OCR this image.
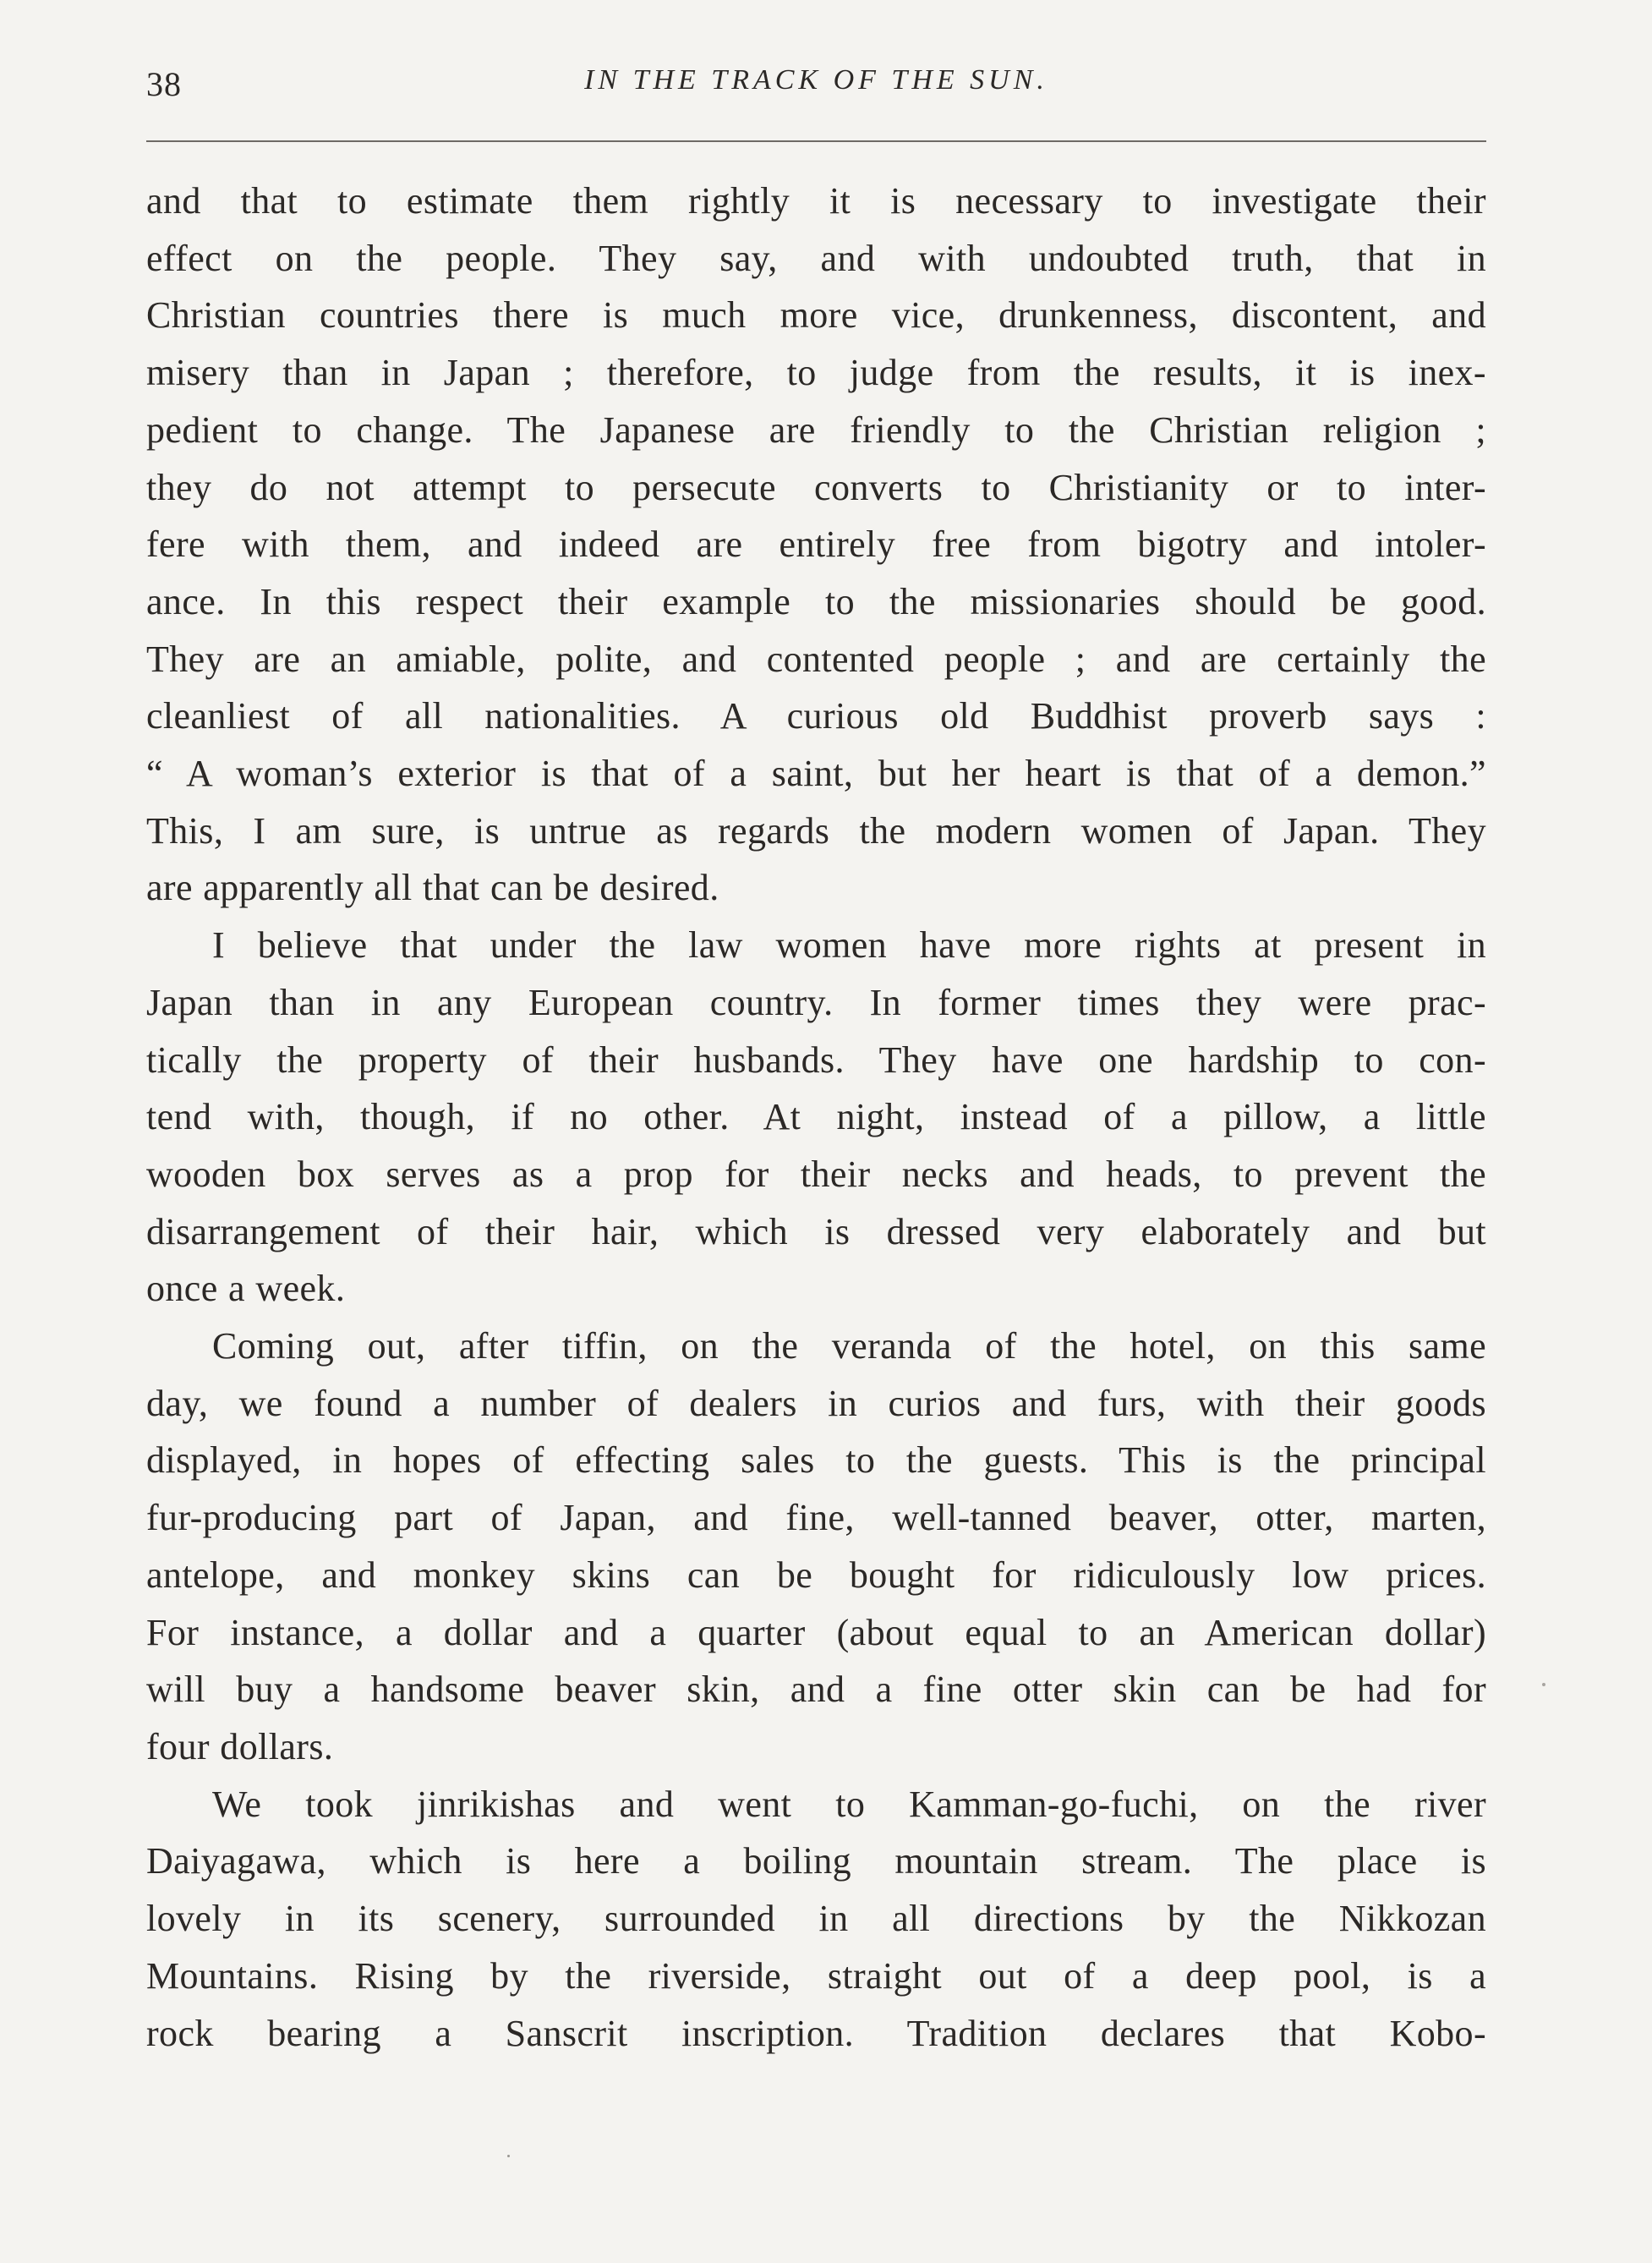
38	IN THE TRACK OF THE SUN.

and that to estimate them rightly it is necessary to investigate their
effect on the people. They say, and with undoubted truth, that in
Christian countries there is much more vice, drunkenness, discontent, and
misery than in Japan ; therefore, to judge from the results, it is inex-
pedient to change. The Japanese are friendly to the Christian religion ;
they do not attempt to persecute converts to Christianity or to inter-
fere with them, and indeed are entirely free from bigotry and intoler-
ance. In this respect their example to the missionaries should be good.
They are an amiable, polite, and contented people ; and are certainly the
cleanliest of all nationalities. A curious old Buddhist proverb says :
“ A woman’s exterior is that of a saint, but her heart is that of a demon.”
This, I am sure, is untrue as regards the modern women of Japan. They
are apparently all that can be desired.

I believe that under the law women have more rights at present in
Japan than in any European country. In former times they were prac-
tically the property of their husbands. They have one hardship to con-
tend with, though, if no other. At night, instead of a pillow, a little
wooden box serves as a prop for their necks and heads, to prevent the
disarrangement of their hair, which is dressed very elaborately and but
once a week.

Coming out, after tiffin, on the veranda of the hotel, on this same
day, we found a number of dealers in curios and furs, with their goods
displayed, in hopes of effecting sales to the guests. This is the principal
fur-producing part of Japan, and fine, well-tanned beaver, otter, marten,
antelope, and monkey skins can be bought for ridiculously low prices.
For instance, a dollar and a quarter (about equal to an American dollar)
will buy a handsome beaver skin, and a fine otter skin can be had for
four dollars.

We took jinrikishas and went to Kamman-go-fuchi, on the river
Daiyagawa, which is here a boiling mountain stream. The place is
lovely in its scenery, surrounded in all directions by the Nikkozan
Mountains. Rising by the riverside, straight out of a deep pool, is a
rock bearing a Sanscrit inscription. Tradition declares that Kobo-
